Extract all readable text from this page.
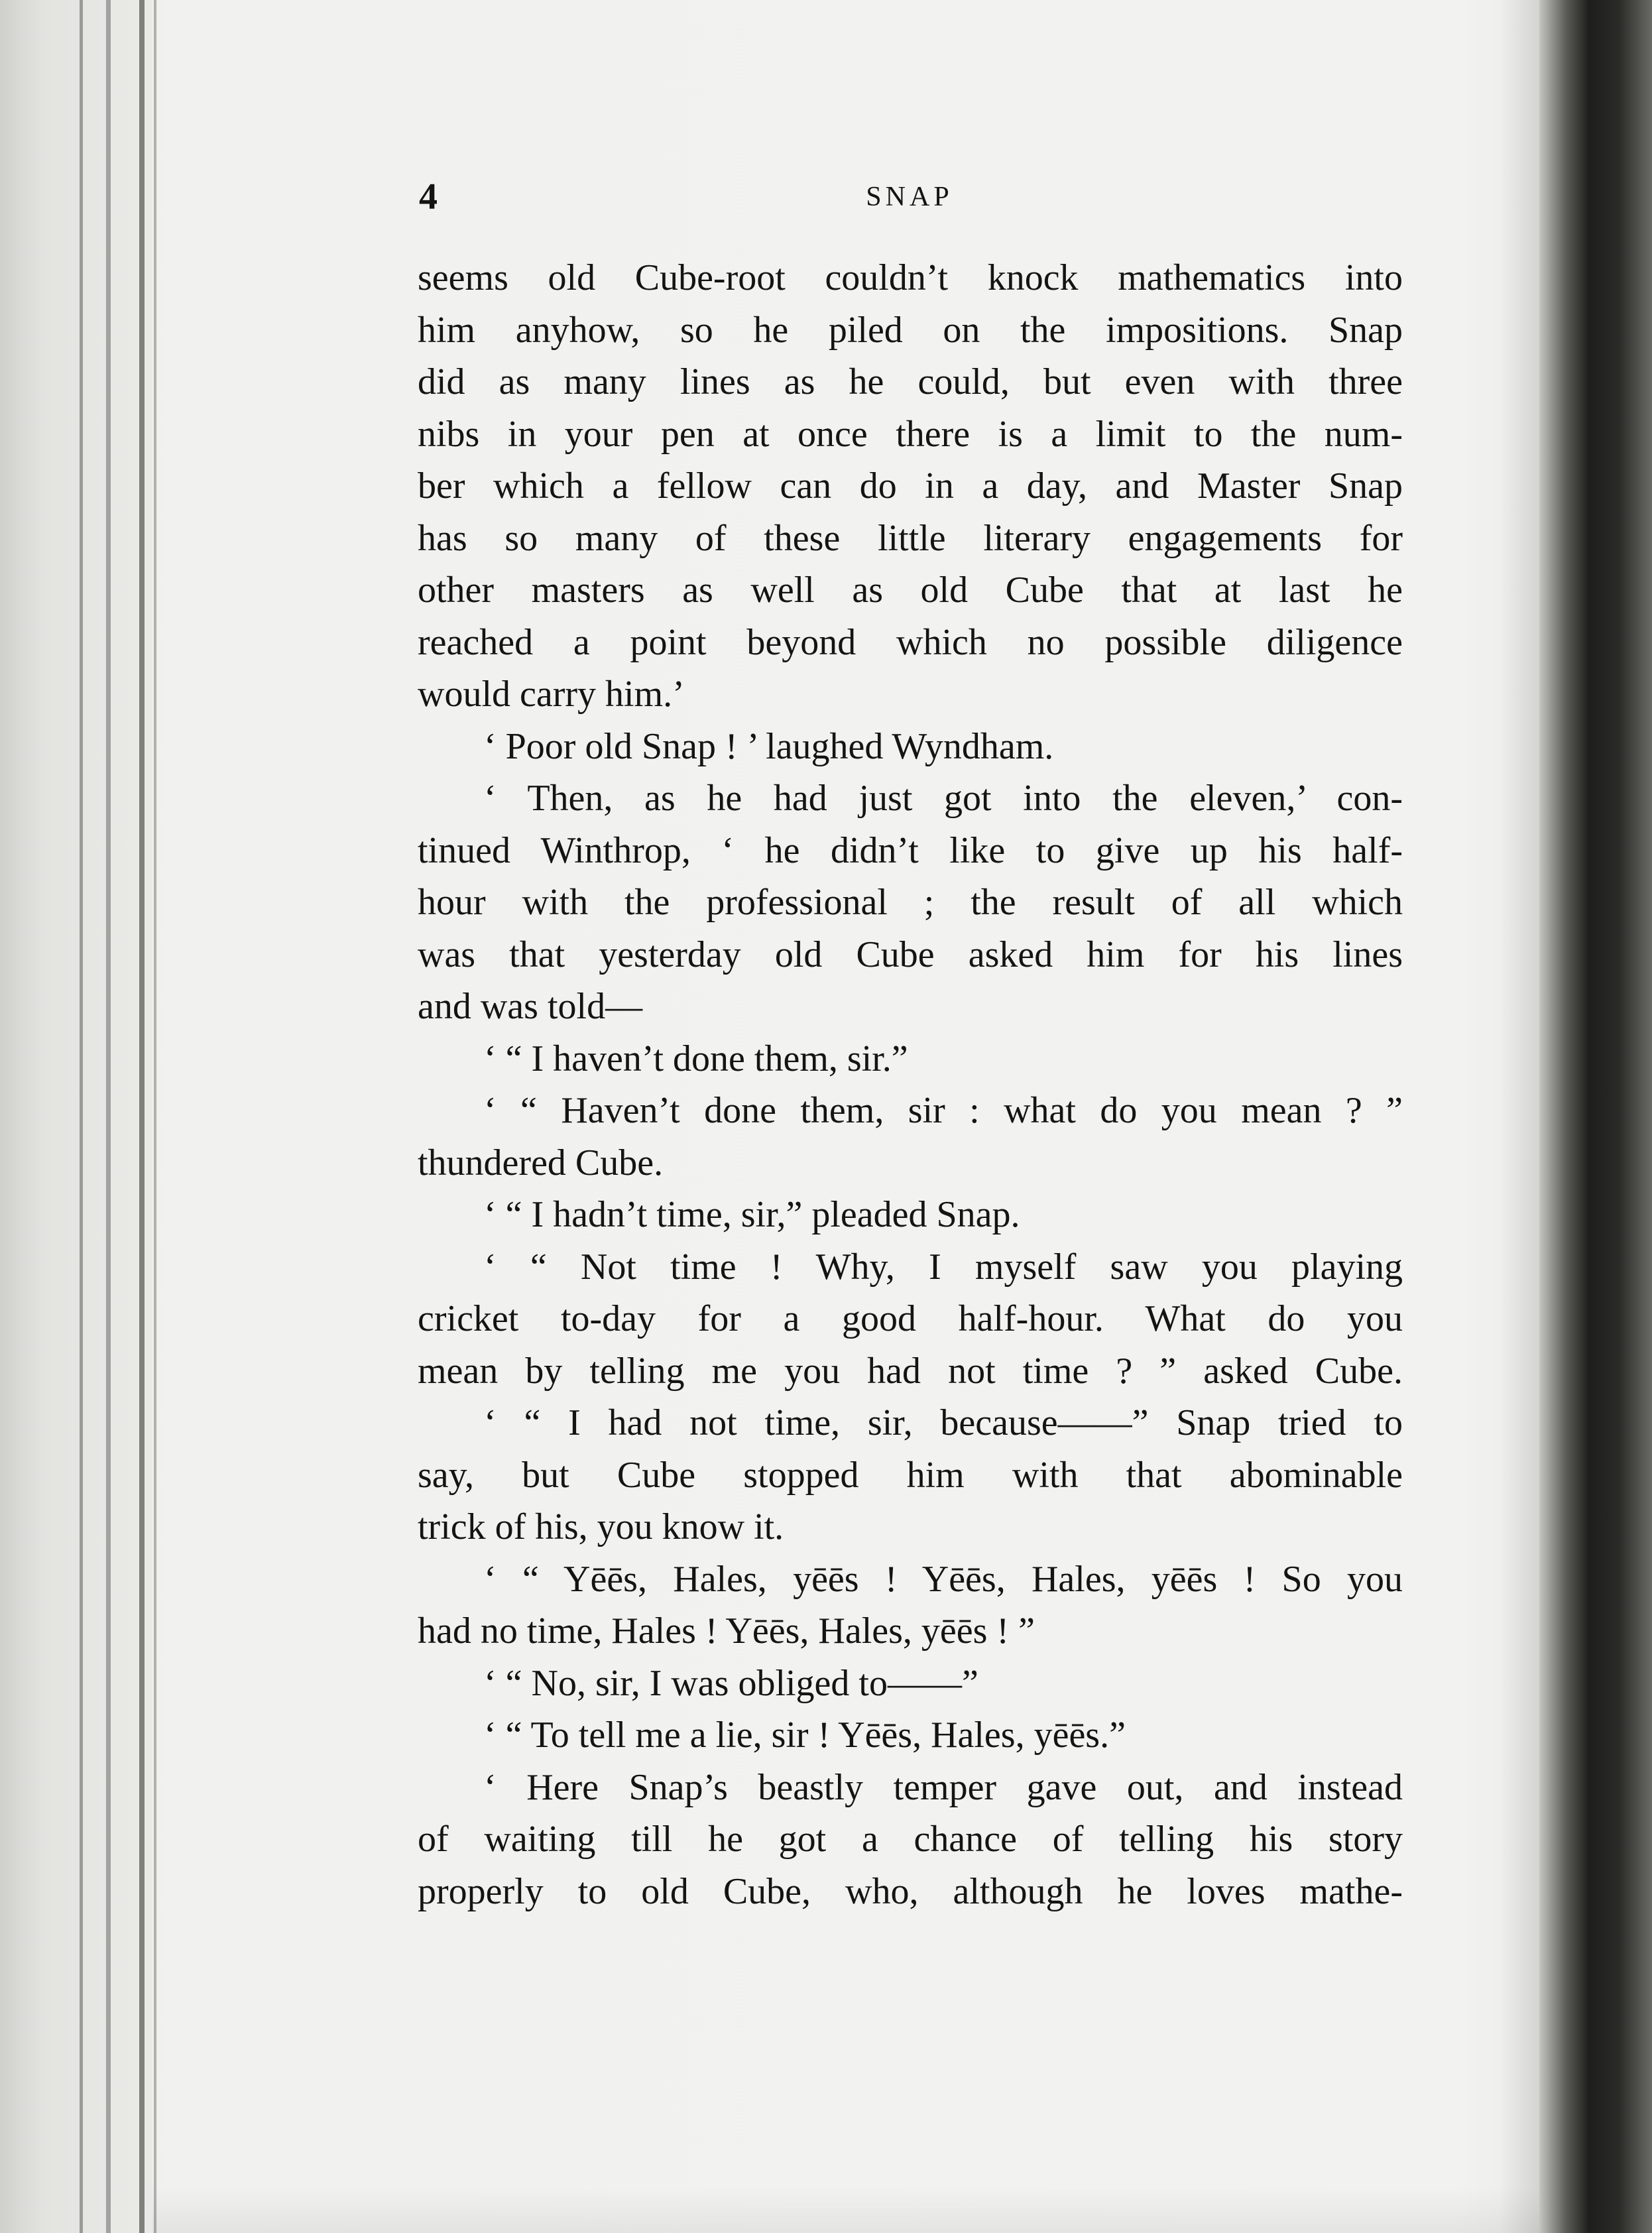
4	SNAP
seems old Cube-root couldn’t knock mathematics into
him anyhow, so he piled on the impositions. Snap
did as many lines as he could, but even with three
nibs in your pen at once there is a limit to the num-
ber which a fellow can do in a day, and Master Snap
has so many of these little literary engagements for
other masters as well as old Cube that at last he
reached a point beyond which no possible diligence
would carry him.’
‘ Poor old Snap ! ’ laughed Wyndham.
‘ Then, as he had just got into the eleven,’ con-
tinued Winthrop, ‘ he didn’t like to give up his half-
hour with the professional ; the result of all which
was that yesterday old Cube asked him for his lines
and was told—
‘ “ I haven’t done them, sir.”
‘ “ Haven’t done them, sir : what do you mean ? ”
thundered Cube.
‘ “ I hadn’t time, sir,” pleaded Snap.
‘ “ Not time ! Why, I myself saw you playing
cricket to-day for a good half-hour. What do you
mean by telling me you had not time ? ” asked Cube.
‘ “ I had not time, sir, because——” Snap tried to
say, but Cube stopped him with that abominable
trick of his, you know it.
‘ “ Yēēs, Hales, yēēs ! Yēēs, Hales, yēēs ! So you
had no time, Hales ! Yēēs, Hales, yēēs ! ”
‘ “ No, sir, I was obliged to——”
‘ “ To tell me a lie, sir ! Yēēs, Hales, yēēs.”
‘ Here Snap’s beastly temper gave out, and instead
of waiting till he got a chance of telling his story
properly to old Cube, who, although he loves mathe-
